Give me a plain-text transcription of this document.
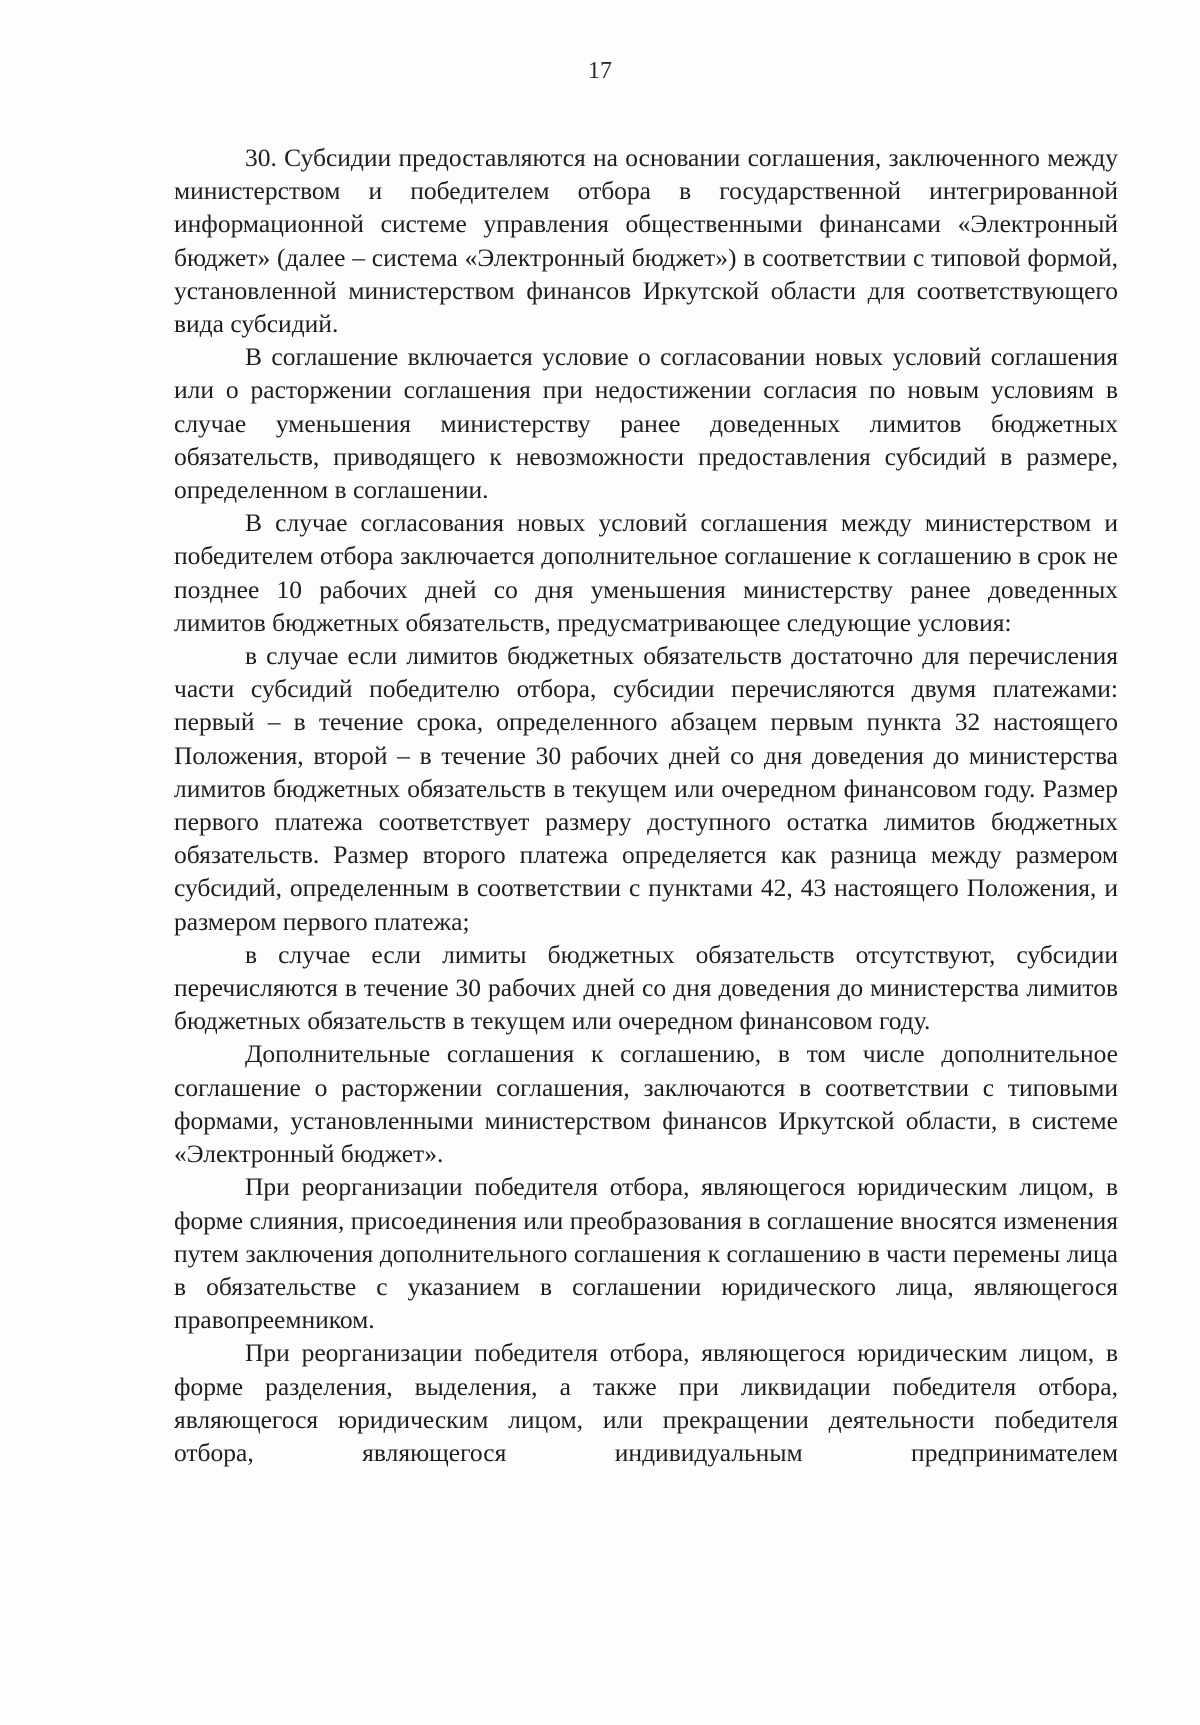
17

30. Субсидии предоставляются на основании соглашения, заключенного между министерством и победителем отбора в государственной интегрированной информационной системе управления общественными финансами «Электронный бюджет» (далее – система «Электронный бюджет») в соответствии с типовой формой, установленной министерством финансов Иркутской области для соответствующего вида субсидий.

В соглашение включается условие о согласовании новых условий соглашения или о расторжении соглашения при недостижении согласия по новым условиям в случае уменьшения министерству ранее доведенных лимитов бюджетных обязательств, приводящего к невозможности предоставления субсидий в размере, определенном в соглашении.

В случае согласования новых условий соглашения между министерством и победителем отбора заключается дополнительное соглашение к соглашению в срок не позднее 10 рабочих дней со дня уменьшения министерству ранее доведенных лимитов бюджетных обязательств, предусматривающее следующие условия:

в случае если лимитов бюджетных обязательств достаточно для перечисления части субсидий победителю отбора, субсидии перечисляются двумя платежами: первый – в течение срока, определенного абзацем первым пункта 32 настоящего Положения, второй – в течение 30 рабочих дней со дня доведения до министерства лимитов бюджетных обязательств в текущем или очередном финансовом году. Размер первого платежа соответствует размеру доступного остатка лимитов бюджетных обязательств. Размер второго платежа определяется как разница между размером субсидий, определенным в соответствии с пунктами 42, 43 настоящего Положения, и размером первого платежа;

в случае если лимиты бюджетных обязательств отсутствуют, субсидии перечисляются в течение 30 рабочих дней со дня доведения до министерства лимитов бюджетных обязательств в текущем или очередном финансовом году.

Дополнительные соглашения к соглашению, в том числе дополнительное соглашение о расторжении соглашения, заключаются в соответствии с типовыми формами, установленными министерством финансов Иркутской области, в системе «Электронный бюджет».

При реорганизации победителя отбора, являющегося юридическим лицом, в форме слияния, присоединения или преобразования в соглашение вносятся изменения путем заключения дополнительного соглашения к соглашению в части перемены лица в обязательстве с указанием в соглашении юридического лица, являющегося правопреемником.

При реорганизации победителя отбора, являющегося юридическим лицом, в форме разделения, выделения, а также при ликвидации победителя отбора, являющегося юридическим лицом, или прекращении деятельности победителя отбора, являющегося индивидуальным предпринимателем
